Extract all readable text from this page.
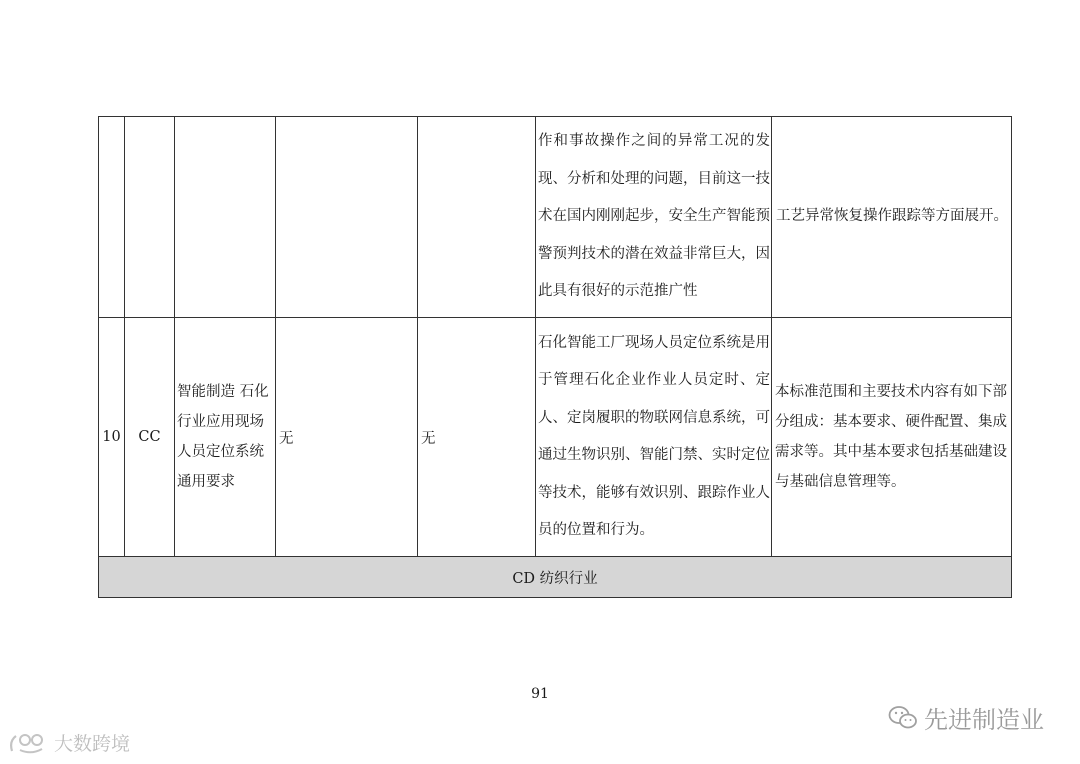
					作和事故操作之间的异常工况的发现、分析和处理的问题，目前这一技术在国内刚刚起步，安全生产智能预警预判技术的潜在效益非常巨大，因此具有很好的示范推广性	工艺异常恢复操作跟踪等方面展开。

10	CC	智能制造 石化行业应用现场人员定位系统通用要求	无	无	石化智能工厂现场人员定位系统是用于管理石化企业作业人员定时、定人、定岗履职的物联网信息系统，可通过生物识别、智能门禁、实时定位等技术，能够有效识别、跟踪作业人员的位置和行为。	本标准范围和主要技术内容有如下部分组成：基本要求、硬件配置、集成需求等。其中基本要求包括基础建设与基础信息管理等。

CD 纺织行业						
91
先进制造业
大数跨境
